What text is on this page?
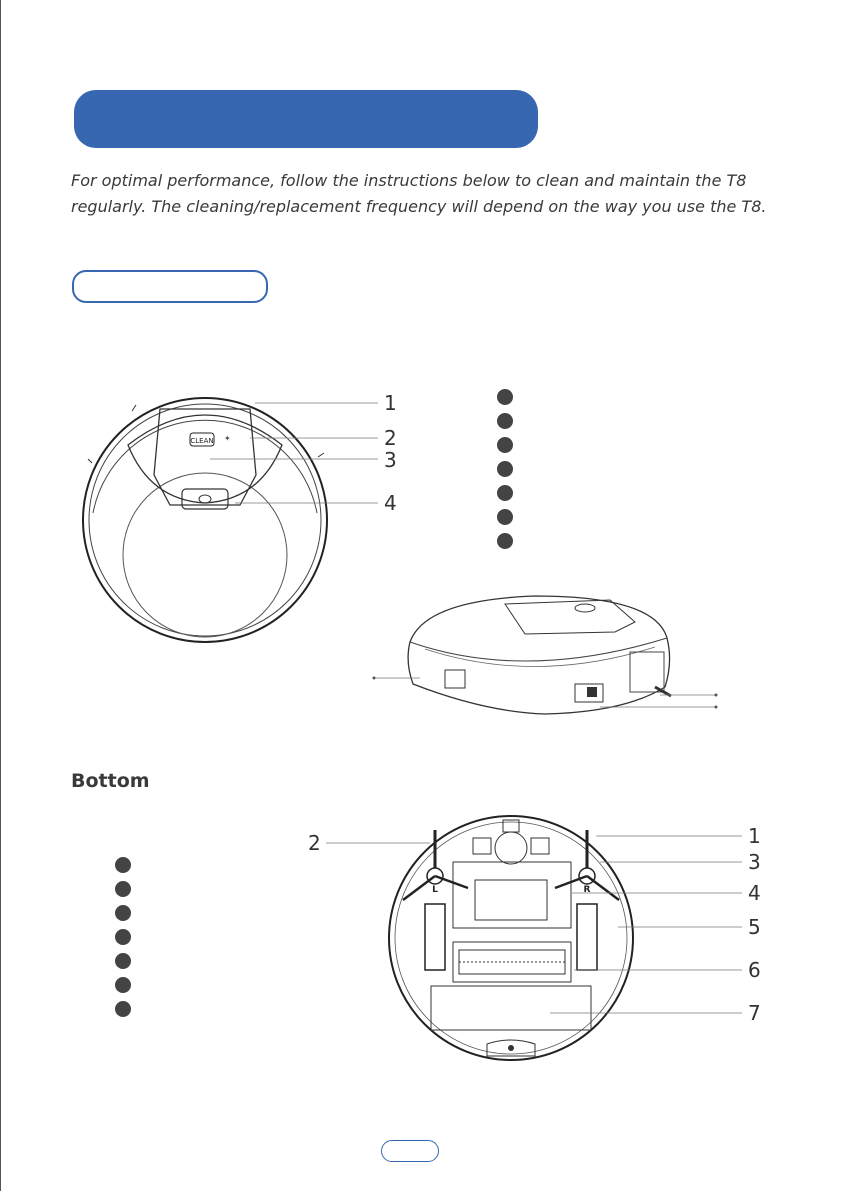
For optimal performance, follow the instructions below to clean and maintain the T8 regularly. The cleaning/replacement frequency will depend on the way you use the T8.

CLEAN ✦
1
2
3
4
Bottom
L	R
2	1
3
4
5
6
7
